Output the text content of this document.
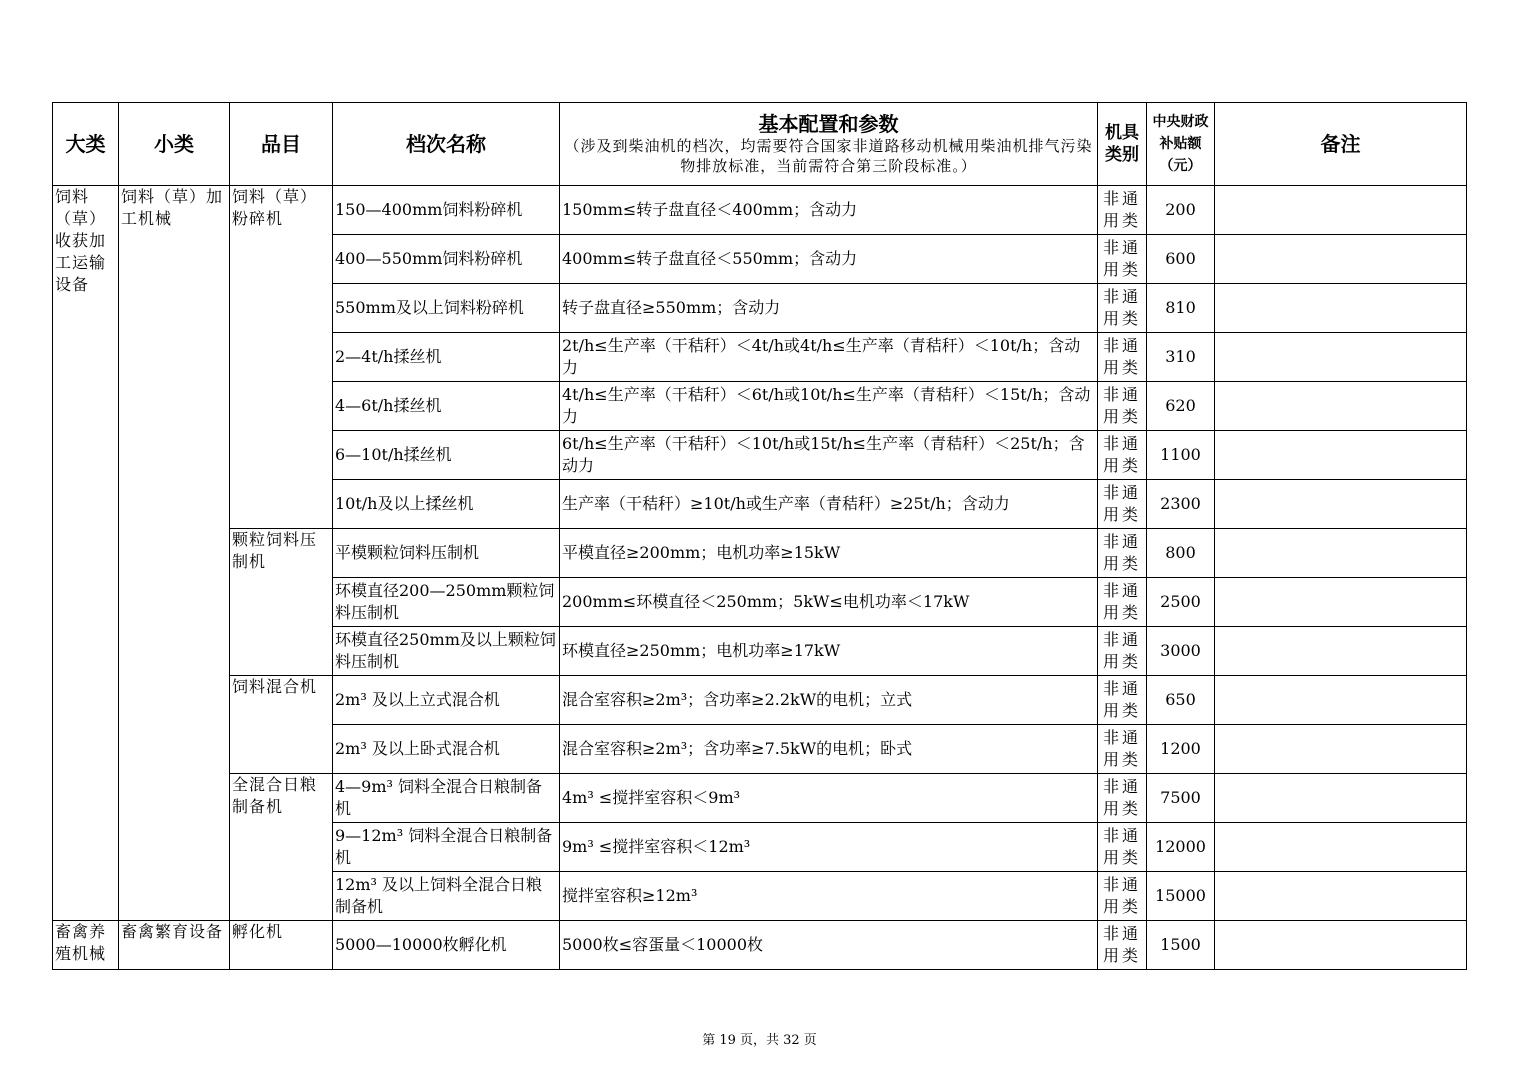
大类	小类	品目	档次名称	基本配置和参数
（涉及到柴油机的档次，均需要符合国家非道路移动机械用柴油机排气污染物排放标准，当前需符合第三阶段标准。）	机具类别	中央财政补贴额（元）	备注
饲料（草）收获加工运输设备	饲料（草）加工机械	饲料（草）粉碎机	150—400mm饲料粉碎机	150mm≤转子盘直径＜400mm；含动力	非通用类	200	
			400—550mm饲料粉碎机	400mm≤转子盘直径＜550mm；含动力	非通用类	600	
			550mm及以上饲料粉碎机	转子盘直径≥550mm；含动力	非通用类	810	
			2—4t/h揉丝机	2t/h≤生产率（干秸秆）＜4t/h或4t/h≤生产率（青秸秆）＜10t/h；含动力	非通用类	310	
			4—6t/h揉丝机	4t/h≤生产率（干秸秆）＜6t/h或10t/h≤生产率（青秸秆）＜15t/h；含动力	非通用类	620	
			6—10t/h揉丝机	6t/h≤生产率（干秸秆）＜10t/h或15t/h≤生产率（青秸秆）＜25t/h；含动力	非通用类	1100	
			10t/h及以上揉丝机	生产率（干秸秆）≥10t/h或生产率（青秸秆）≥25t/h；含动力	非通用类	2300	
		颗粒饲料压制机	平模颗粒饲料压制机	平模直径≥200mm；电机功率≥15kW	非通用类	800	
			环模直径200—250mm颗粒饲料压制机	200mm≤环模直径＜250mm；5kW≤电机功率＜17kW	非通用类	2500	
			环模直径250mm及以上颗粒饲料压制机	环模直径≥250mm；电机功率≥17kW	非通用类	3000	
		饲料混合机	2m³ 及以上立式混合机	混合室容积≥2m³；含功率≥2.2kW的电机；立式	非通用类	650	
			2m³ 及以上卧式混合机	混合室容积≥2m³；含功率≥7.5kW的电机；卧式	非通用类	1200	
		全混合日粮制备机	4—9m³ 饲料全混合日粮制备机	4m³ ≤搅拌室容积＜9m³	非通用类	7500	
			9—12m³ 饲料全混合日粮制备机	9m³ ≤搅拌室容积＜12m³	非通用类	12000	
			12m³ 及以上饲料全混合日粮制备机	搅拌室容积≥12m³	非通用类	15000	
畜禽养殖机械	畜禽繁育设备	孵化机	5000—10000枚孵化机	5000枚≤容蛋量＜10000枚	非通用类	1500	
第 19 页，共 32 页
